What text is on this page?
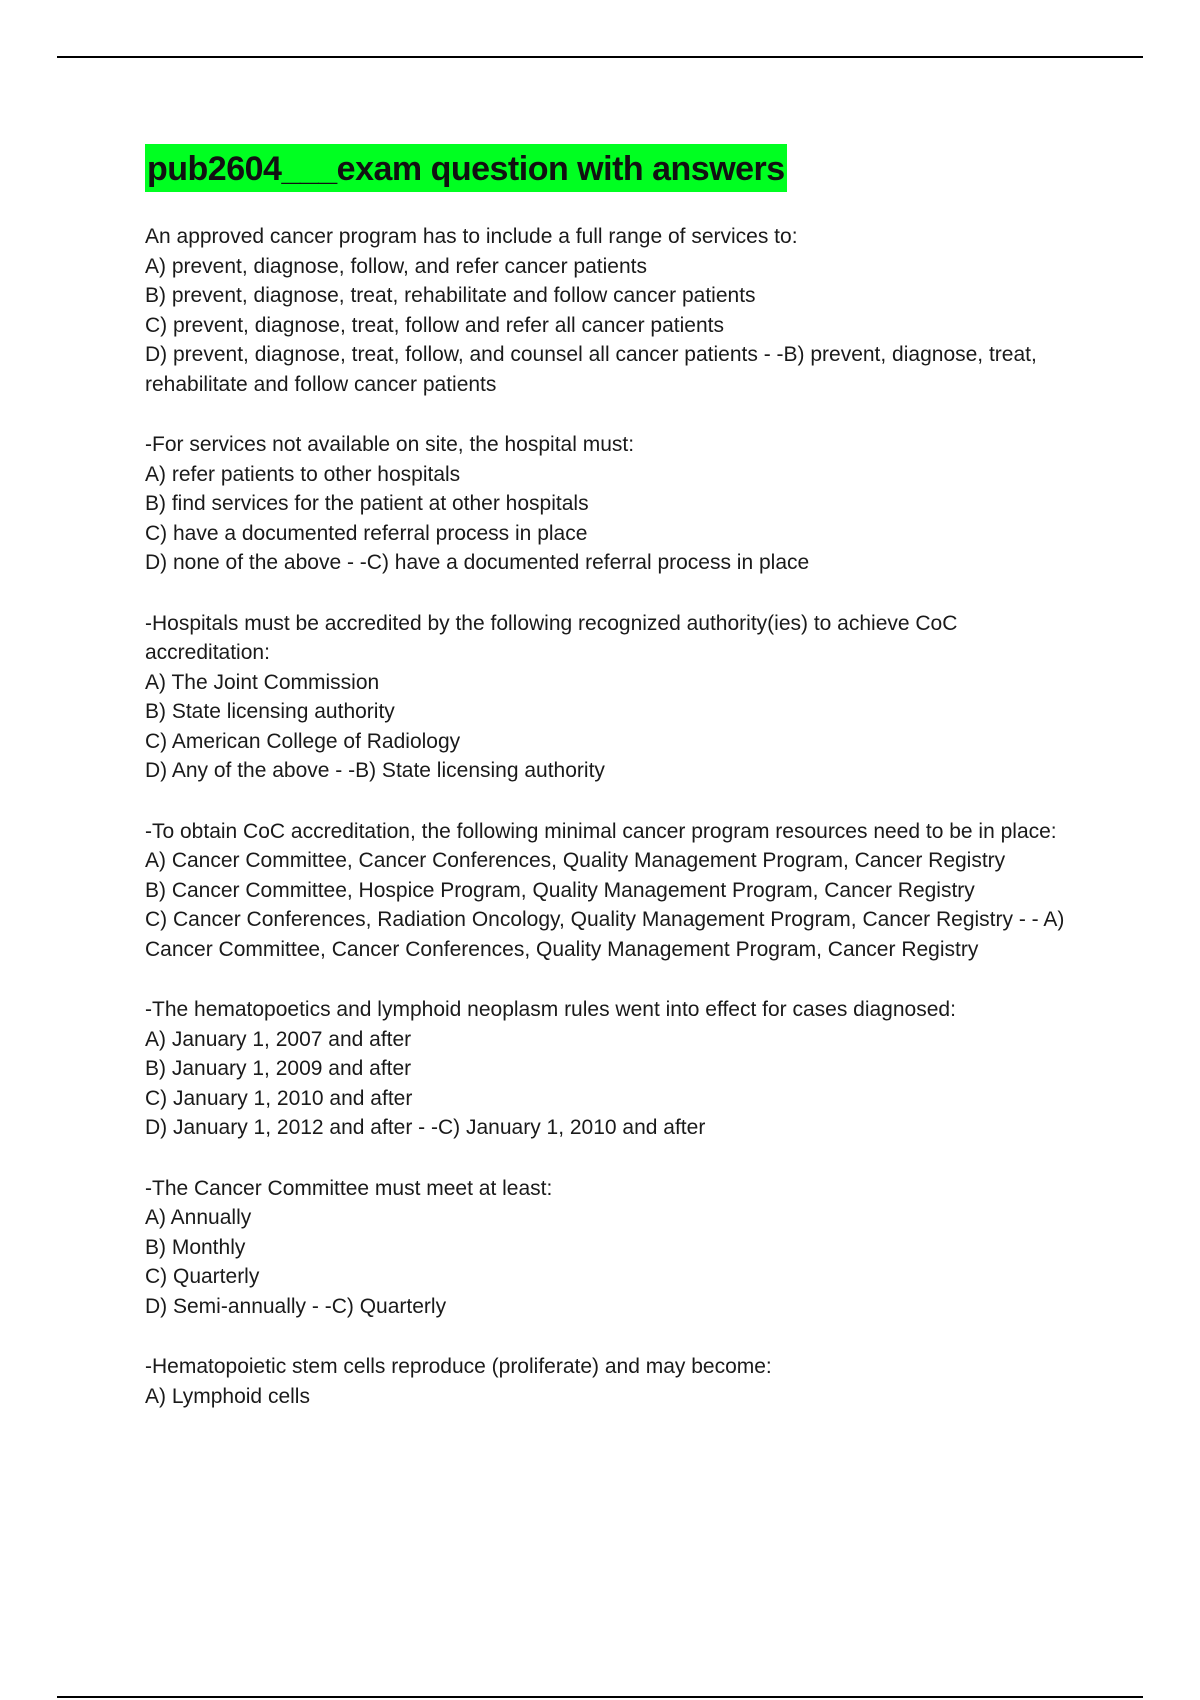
pub2604___exam question with answers
An approved cancer program has to include a full range of services to:
A) prevent, diagnose, follow, and refer cancer patients
B) prevent, diagnose, treat, rehabilitate and follow cancer patients
C) prevent, diagnose, treat, follow and refer all cancer patients
D) prevent, diagnose, treat, follow, and counsel all cancer patients - -B) prevent, diagnose, treat, rehabilitate and follow cancer patients
-For services not available on site, the hospital must:
A) refer patients to other hospitals
B) find services for the patient at other hospitals
C) have a documented referral process in place
D) none of the above - -C) have a documented referral process in place
-Hospitals must be accredited by the following recognized authority(ies) to achieve CoC accreditation:
A) The Joint Commission
B) State licensing authority
C) American College of Radiology
D) Any of the above - -B) State licensing authority
-To obtain CoC accreditation, the following minimal cancer program resources need to be in place:
A) Cancer Committee, Cancer Conferences, Quality Management Program, Cancer Registry
B) Cancer Committee, Hospice Program, Quality Management Program, Cancer Registry
C) Cancer Conferences, Radiation Oncology, Quality Management Program, Cancer Registry - - A) Cancer Committee, Cancer Conferences, Quality Management Program, Cancer Registry
-The hematopoetics and lymphoid neoplasm rules went into effect for cases diagnosed:
A) January 1, 2007 and after
B) January 1, 2009 and after
C) January 1, 2010 and after
D) January 1, 2012 and after - -C) January 1, 2010 and after
-The Cancer Committee must meet at least:
A) Annually
B) Monthly
C) Quarterly
D) Semi-annually - -C) Quarterly
-Hematopoietic stem cells reproduce (proliferate) and may become:
A) Lymphoid cells
